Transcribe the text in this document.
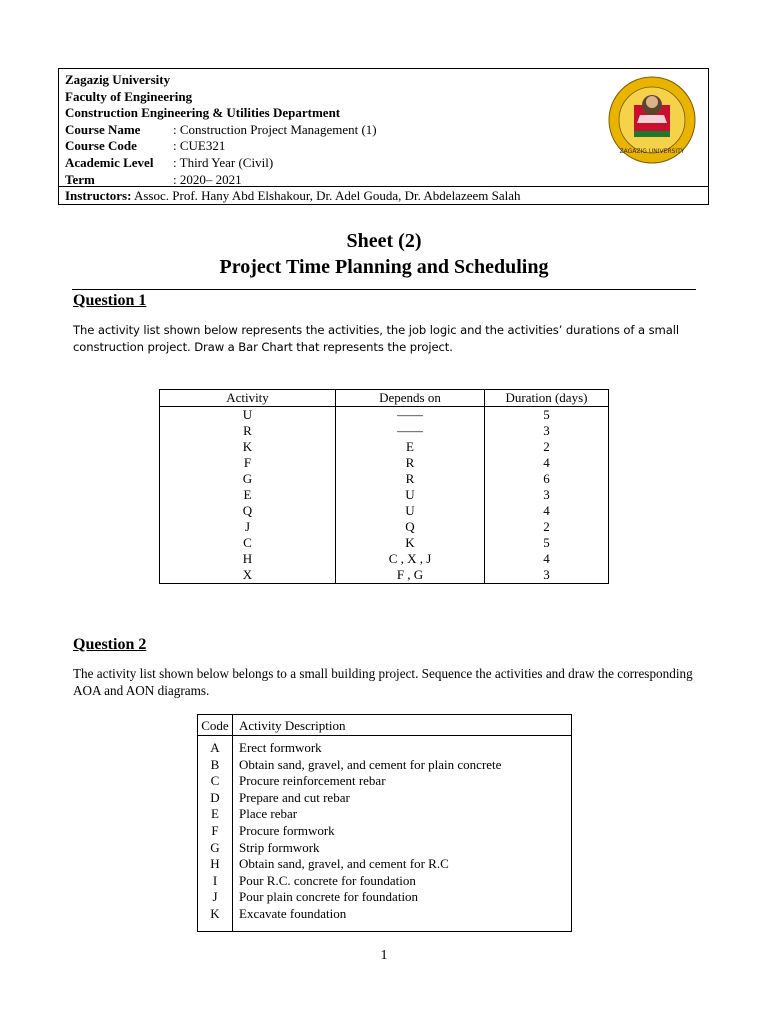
Zagazig University
Faculty of Engineering
Construction Engineering & Utilities Department
Course Name	: Construction Project Management (1)
Course Code	: CUE321
Academic Level : Third Year (Civil)
Term	: 2020– 2021
ZAGAZIG UNIVERSITY
Instructors: Assoc. Prof. Hany Abd Elshakour, Dr. Adel Gouda, Dr. Abdelazeem Salah
Sheet (2)
Project Time Planning and Scheduling
Question 1
The activity list shown below represents the activities, the job logic and the activities’ durations of a small construction project. Draw a Bar Chart that represents the project.
Activity	Depends on	Duration (days)
U	——	5
R	——	3
K	E	2
F	R	4
G	R	6
E	U	3
Q	U	4
J	Q	2
C	K	5
H	C , X , J	4
X	F , G	3
Question 2
The activity list shown below belongs to a small building project. Sequence the activities and draw the corresponding AOA and AON diagrams.
Code	Activity Description
A	Erect formwork
B	Obtain sand, gravel, and cement for plain concrete
C	Procure reinforcement rebar
D	Prepare and cut rebar
E	Place rebar
F	Procure formwork
G	Strip formwork
H	Obtain sand, gravel, and cement for R.C
I	Pour R.C. concrete for foundation
J	Pour plain concrete for foundation
K	Excavate foundation

1
